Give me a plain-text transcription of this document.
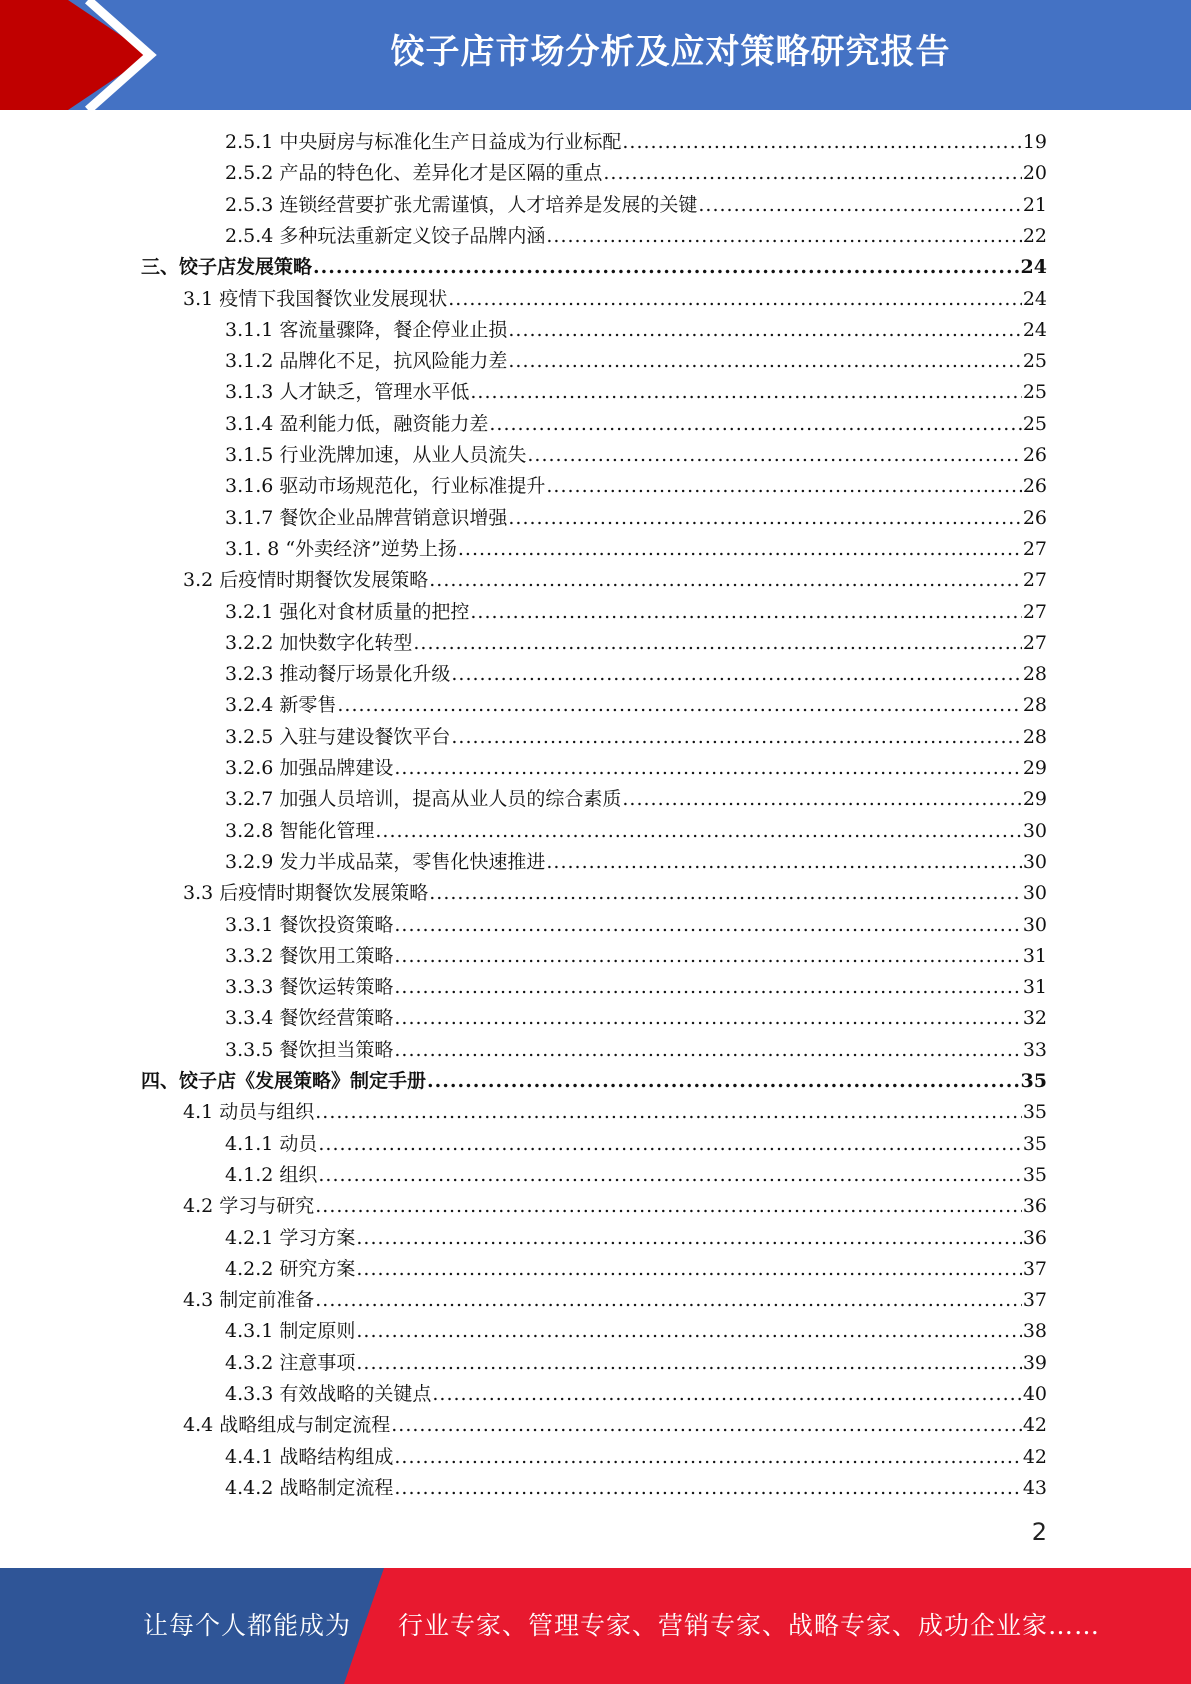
饺子店市场分析及应对策略研究报告
2.5.1 中央厨房与标准化生产日益成为行业标配 .....	19
2.5.2 产品的特色化、差异化才是区隔的重点 .....	20
2.5.3 连锁经营要扩张尤需谨慎，人才培养是发展的关键 .....	21
2.5.4 多种玩法重新定义饺子品牌内涵 .....	22
三、饺子店发展策略 .....	24
3.1 疫情下我国餐饮业发展现状 .....	24
3.1.1 客流量骤降，餐企停业止损 .....	24
3.1.2 品牌化不足，抗风险能力差 .....	25
3.1.3 人才缺乏，管理水平低 .....	25
3.1.4 盈利能力低，融资能力差 .....	25
3.1.5 行业洗牌加速，从业人员流失 .....	26
3.1.6 驱动市场规范化，行业标准提升 .....	26
3.1.7 餐饮企业品牌营销意识增强 .....	26
3.1. 8 “外卖经济”逆势上扬 .....	27
3.2 后疫情时期餐饮发展策略 .....	27
3.2.1 强化对食材质量的把控 .....	27
3.2.2 加快数字化转型 .....	27
3.2.3 推动餐厅场景化升级 .....	28
3.2.4 新零售 .....	28
3.2.5 入驻与建设餐饮平台 .....	28
3.2.6 加强品牌建设 .....	29
3.2.7 加强人员培训，提高从业人员的综合素质 .....	29
3.2.8 智能化管理 .....	30
3.2.9 发力半成品菜，零售化快速推进 .....	30
3.3 后疫情时期餐饮发展策略 .....	30
3.3.1 餐饮投资策略 .....	30
3.3.2 餐饮用工策略 .....	31
3.3.3 餐饮运转策略 .....	31
3.3.4 餐饮经营策略 .....	32
3.3.5 餐饮担当策略 .....	33
四、饺子店《发展策略》制定手册 .....	35
4.1 动员与组织 .....	35
4.1.1 动员 .....	35
4.1.2 组织 .....	35
4.2 学习与研究 .....	36
4.2.1 学习方案 .....	36
4.2.2 研究方案 .....	37
4.3 制定前准备 .....	37
4.3.1 制定原则 .....	38
4.3.2 注意事项 .....	39
4.3.3 有效战略的关键点 .....	40
4.4 战略组成与制定流程 .....	42
4.4.1 战略结构组成 .....	42
4.4.2 战略制定流程 .....	43
2
让每个人都能成为 行业专家、管理专家、营销专家、战略专家、成功企业家……
